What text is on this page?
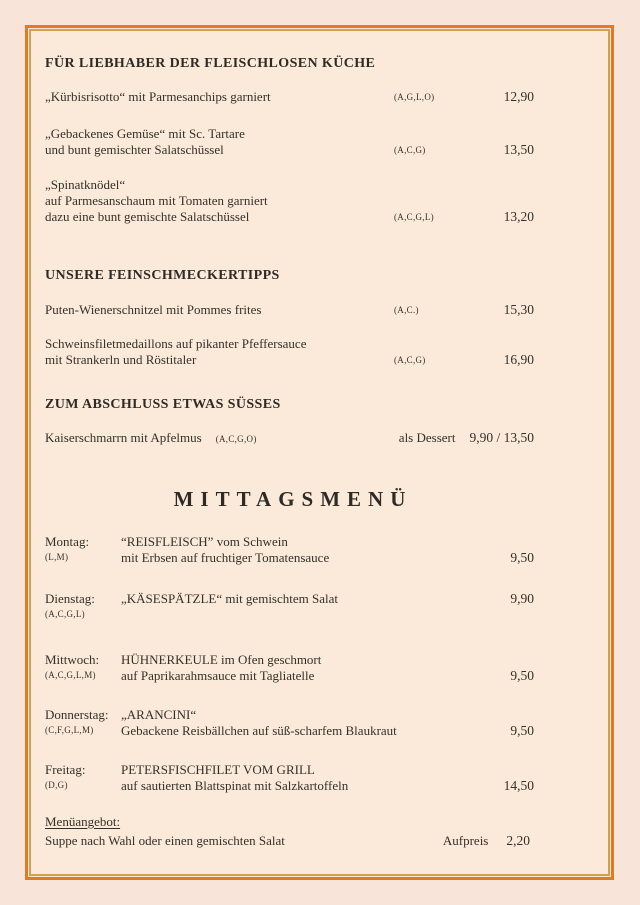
FÜR LIEBHABER DER FLEISCHLOSEN KÜCHE
„Kürbisrisotto“ mit Parmesanchips garniert	(A,G,L,O)	12,90
„Gebackenes Gemüse“ mit Sc. Tartare
und bunt gemischter Salatschüssel	(A,C,G)	13,50
„Spinatknödel“
auf Parmesanschaum mit Tomaten garniert
dazu eine bunt gemischte Salatschüssel	(A,C,G,L)	13,20
UNSERE FEINSCHMECKERTIPPS
Puten-Wienerschnitzel mit Pommes frites	(A,C.)	15,30
Schweinsfiletmedaillons auf pikanter Pfeffersauce
mit Strankerln und Röstitaler	(A,C,G)	16,90
ZUM ABSCHLUSS ETWAS SÜSSES
Kaiserschmarrn mit Apfelmus (A,C,G,O)	als Dessert 9,90 / 13,50
MITTAGSMENÜ
Montag:
(L,M)
“REISFLEISCH” vom Schwein
mit Erbsen auf fruchtiger Tomatensauce	9,50
Dienstag:
(A,C,G,L)
„KÄSESPÄTZLE“ mit gemischtem Salat	9,90
Mittwoch:
(A,C,G,L,M)
HÜHNERKEULE im Ofen geschmort
auf Paprikarahmsauce mit Tagliatelle	9,50
Donnerstag:
(C,F,G,L,M)
„ARANCINI“
Gebackene Reisbällchen auf süß-scharfem Blaukraut	9,50
Freitag:
(D,G)
PETERSFISCHFILET VOM GRILL
auf sautierten Blattspinat mit Salzkartoffeln	14,50
Menüangebot:
Suppe nach Wahl oder einen gemischten Salat	Aufpreis 2,20
